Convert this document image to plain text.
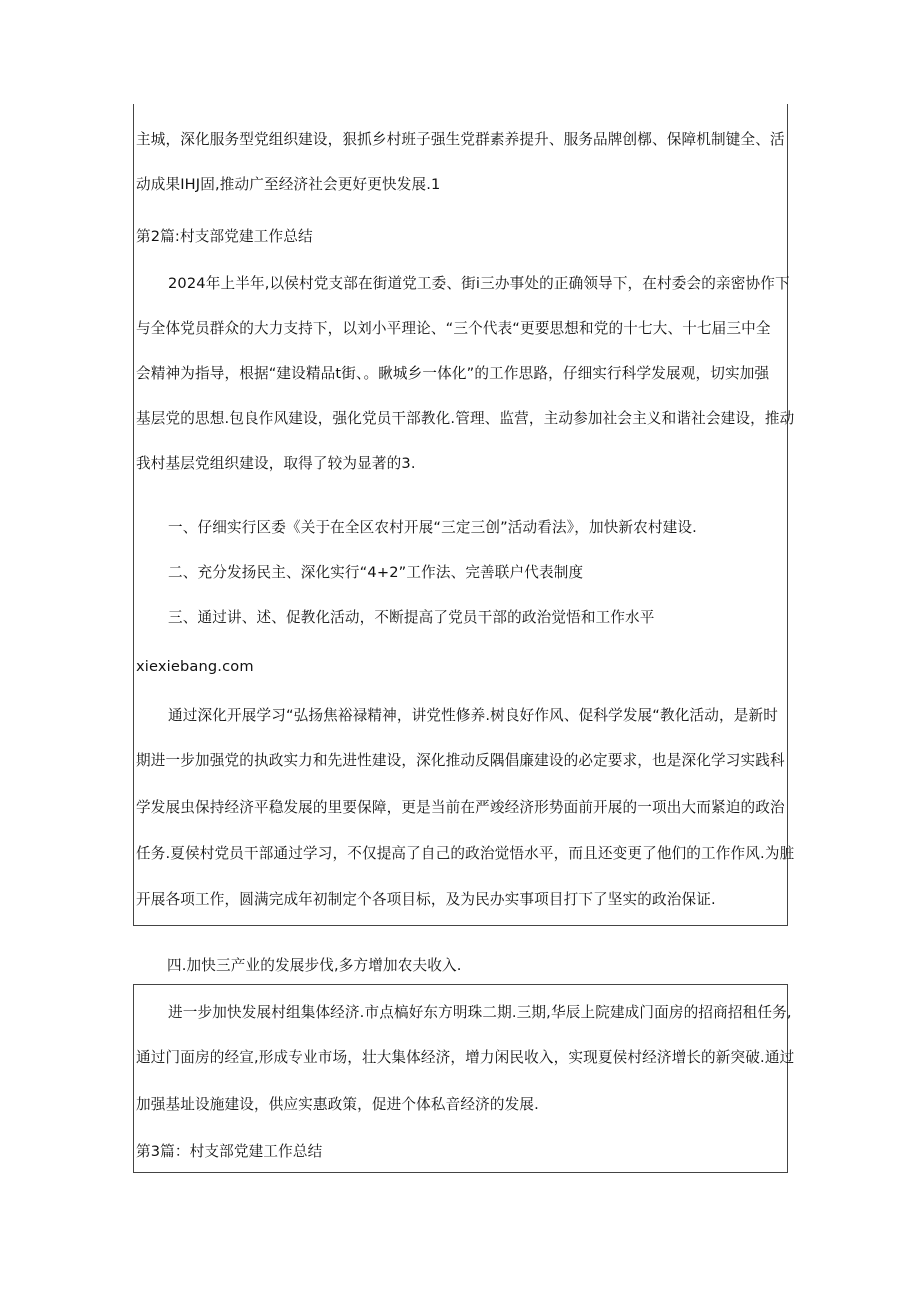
主城，深化服务型党组织建设，狠抓乡村班子强生党群素养提升、服务品牌创槨、保障机制键全、活
动成果IHJ固,推动广至经济社会更好更快发展.1
第2篇:村支部党建工作总结
2024年上半年,以侯村党支部在街道党工委、街i三办事处的正确领导下，在村委会的亲密协作下
与全体党员群众的大力支持下，以刘小平理论、“三个代表“更要思想和党的十七大、十七届三中全
会精神为指导，根据“建设精品t街、。瞅城乡一体化”的工作思路，仔细实行科学发展观，切实加强
基层党的思想.包良作风建设，强化党员干部教化.管理、监营，主动参加社会主义和谐社会建设，推动
我村基层党组织建设，取得了较为显著的3.
一、仔细实行区委《关于在全区农村开展“三定三创”活动看法》，加快新农村建设.
二、充分发扬民主、深化实行“4+2”工作法、完善联户代表制度
三、通过讲、述、促教化活动，不断提高了党员干部的政治觉悟和工作水平
xiexiebang.com
通过深化开展学习“弘扬焦裕禄精神，讲党性修养.树良好作风、促科学发展“教化活动，是新时
期进一步加强党的执政实力和先进性建设，深化推动反隅倡廉建设的必定要求，也是深化学习实践科
学发展虫保持经济平稳发展的里要保障，更是当前在严竣经济形势面前开展的一项出大而紧迫的政治
任务.夏侯村党员干部通过学习，不仅提高了自己的政治觉悟水平，而且还变更了他们的工作作风.为脏
开展各项工作，圆满完成年初制定个各项目标，及为民办实事项目打下了坚实的政治保证.
四.加快三产业的发展步伐,多方增加农夫收入.
进一步加快发展村组集体经济.市点槁好东方明珠二期.三期,华辰上院建成门面房的招商招租任务,
通过门面房的经宣,形成专业市场，壮大集体经济，增力闲民收入，实现夏侯村经济增长的新突破.通过
加强基址设施建设，供应实惠政策，促进个体私音经济的发展.
第3篇：村支部党建工作总结
